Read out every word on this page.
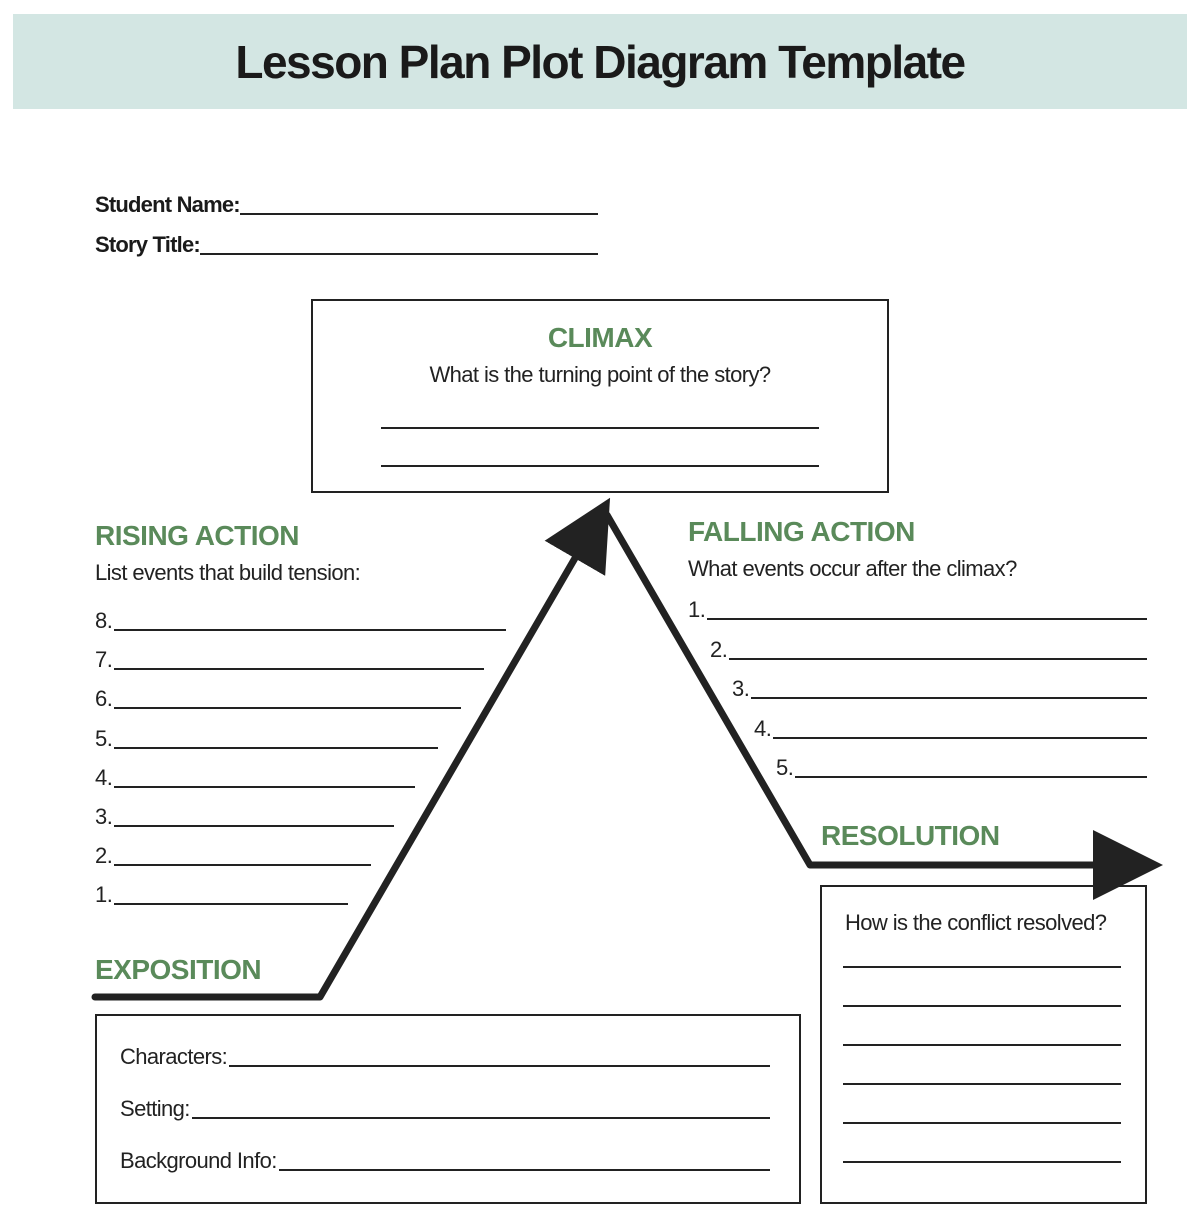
Lesson Plan Plot Diagram Template
Student Name:
Story Title:
CLIMAX
What is the turning point of the story?
RISING ACTION
List events that build tension:
8.
7.
6.
5.
4.
3.
2.
1.
FALLING ACTION
What events occur after the climax?
1.
2.
3.
4.
5.
RESOLUTION
How is the conflict resolved?
EXPOSITION
Characters:
Setting:
Background Info:
